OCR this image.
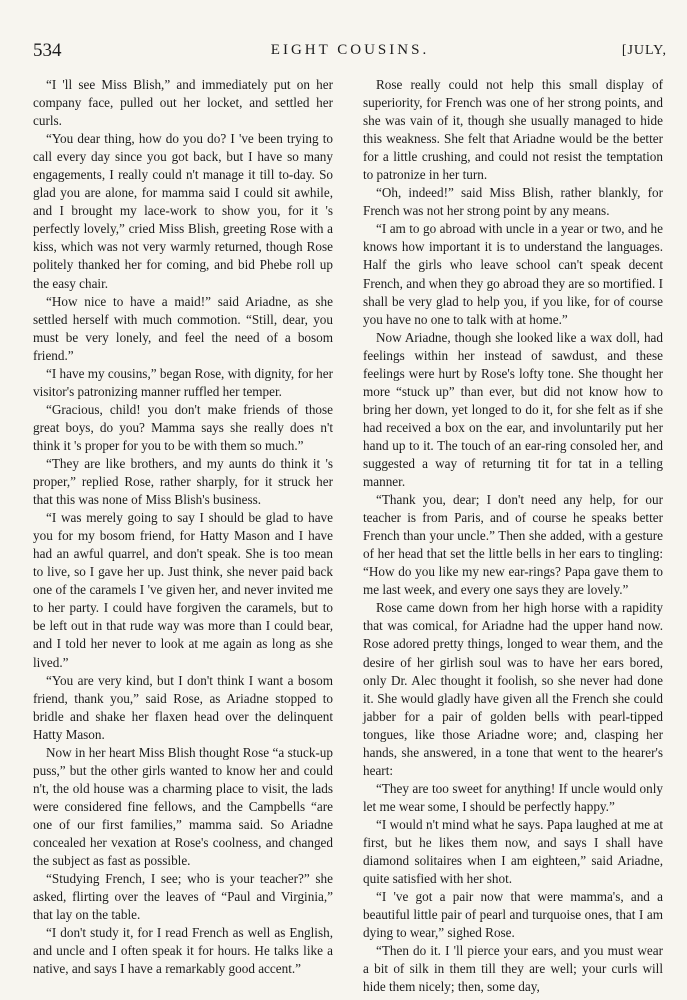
534	EIGHT COUSINS.	[JULY,

“I 'll see Miss Blish,” and immediately put on her company face, pulled out her locket, and settled her curls.

“You dear thing, how do you do? I 've been trying to call every day since you got back, but I have so many engagements, I really could n't manage it till to-day. So glad you are alone, for mamma said I could sit awhile, and I brought my lace-work to show you, for it 's perfectly lovely,” cried Miss Blish, greeting Rose with a kiss, which was not very warmly returned, though Rose politely thanked her for coming, and bid Phebe roll up the easy chair.

“How nice to have a maid!” said Ariadne, as she settled herself with much commotion. “Still, dear, you must be very lonely, and feel the need of a bosom friend.”

“I have my cousins,” began Rose, with dignity, for her visitor's patronizing manner ruffled her temper.

“Gracious, child! you don't make friends of those great boys, do you? Mamma says she really does n't think it 's proper for you to be with them so much.”

“They are like brothers, and my aunts do think it 's proper,” replied Rose, rather sharply, for it struck her that this was none of Miss Blish's business.

“I was merely going to say I should be glad to have you for my bosom friend, for Hatty Mason and I have had an awful quarrel, and don't speak. She is too mean to live, so I gave her up. Just think, she never paid back one of the caramels I 've given her, and never invited me to her party. I could have forgiven the caramels, but to be left out in that rude way was more than I could bear, and I told her never to look at me again as long as she lived.”

“You are very kind, but I don't think I want a bosom friend, thank you,” said Rose, as Ariadne stopped to bridle and shake her flaxen head over the delinquent Hatty Mason.

Now in her heart Miss Blish thought Rose “a stuck-up puss,” but the other girls wanted to know her and could n't, the old house was a charming place to visit, the lads were considered fine fellows, and the Campbells “are one of our first families,” mamma said. So Ariadne concealed her vexation at Rose's coolness, and changed the subject as fast as possible.

“Studying French, I see; who is your teacher?” she asked, flirting over the leaves of “Paul and Virginia,” that lay on the table.

“I don't study it, for I read French as well as English, and uncle and I often speak it for hours. He talks like a native, and says I have a remarkably good accent.”

Rose really could not help this small display of superiority, for French was one of her strong points, and she was vain of it, though she usually managed to hide this weakness. She felt that Ariadne would be the better for a little crushing, and could not resist the temptation to patronize in her turn.

“Oh, indeed!” said Miss Blish, rather blankly, for French was not her strong point by any means.

“I am to go abroad with uncle in a year or two, and he knows how important it is to understand the languages. Half the girls who leave school can't speak decent French, and when they go abroad they are so mortified. I shall be very glad to help you, if you like, for of course you have no one to talk with at home.”

Now Ariadne, though she looked like a wax doll, had feelings within her instead of sawdust, and these feelings were hurt by Rose's lofty tone. She thought her more “stuck up” than ever, but did not know how to bring her down, yet longed to do it, for she felt as if she had received a box on the ear, and involuntarily put her hand up to it. The touch of an ear-ring consoled her, and suggested a way of returning tit for tat in a telling manner.

“Thank you, dear; I don't need any help, for our teacher is from Paris, and of course he speaks better French than your uncle.” Then she added, with a gesture of her head that set the little bells in her ears to tingling: “How do you like my new ear-rings? Papa gave them to me last week, and every one says they are lovely.”

Rose came down from her high horse with a rapidity that was comical, for Ariadne had the upper hand now. Rose adored pretty things, longed to wear them, and the desire of her girlish soul was to have her ears bored, only Dr. Alec thought it foolish, so she never had done it. She would gladly have given all the French she could jabber for a pair of golden bells with pearl-tipped tongues, like those Ariadne wore; and, clasping her hands, she answered, in a tone that went to the hearer's heart:

“They are too sweet for anything! If uncle would only let me wear some, I should be perfectly happy.”

“I would n't mind what he says. Papa laughed at me at first, but he likes them now, and says I shall have diamond solitaires when I am eighteen,” said Ariadne, quite satisfied with her shot.

“I 've got a pair now that were mamma's, and a beautiful little pair of pearl and turquoise ones, that I am dying to wear,” sighed Rose.

“Then do it. I 'll pierce your ears, and you must wear a bit of silk in them till they are well; your curls will hide them nicely; then, some day,
